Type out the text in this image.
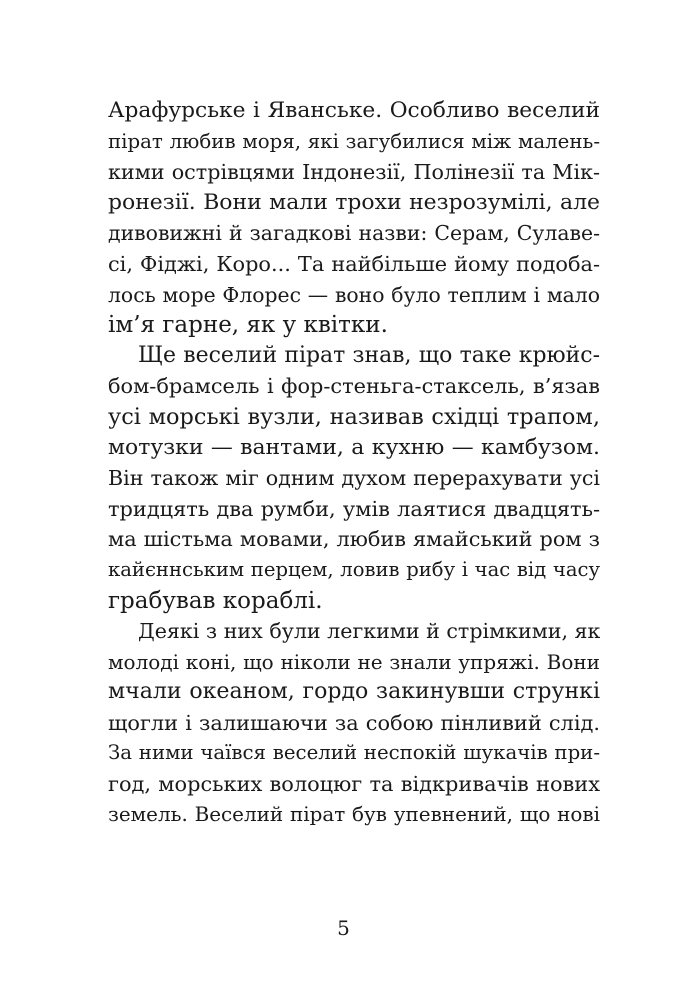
Арафурське і Яванське. Особливо веселий
пірат любив моря, які загубилися між малень-
кими острівцями Індонезії, Полінезії та Мік-
ронезії. Вони мали трохи незрозумілі, але
дивовижні й загадкові назви: Серам, Сулаве-
сі, Фіджі, Коро... Та найбільше йому подоба-
лось море Флорес — воно було теплим і мало
ім’я гарне, як у квітки.
Ще веселий пірат знав, що таке крюйс-
бом-брамсель і фор-стеньга-стаксель, в’язав
усі морські вузли, називав східці трапом,
мотузки — вантами, а кухню — камбузом.
Він також міг одним духом перерахувати усі
тридцять два румби, умів лаятися двадцять-
ма шістьма мовами, любив ямайський ром з
кайєннським перцем, ловив рибу і час від часу
грабував кораблі.
Деякі з них були легкими й стрімкими, як
молоді коні, що ніколи не знали упряжі. Вони
мчали океаном, гордо закинувши стрункі
щогли і залишаючи за собою пінливий слід.
За ними чаївся веселий неспокій шукачів при-
год, морських волоцюг та відкривачів нових
земель. Веселий пірат був упевнений, що нові
5
